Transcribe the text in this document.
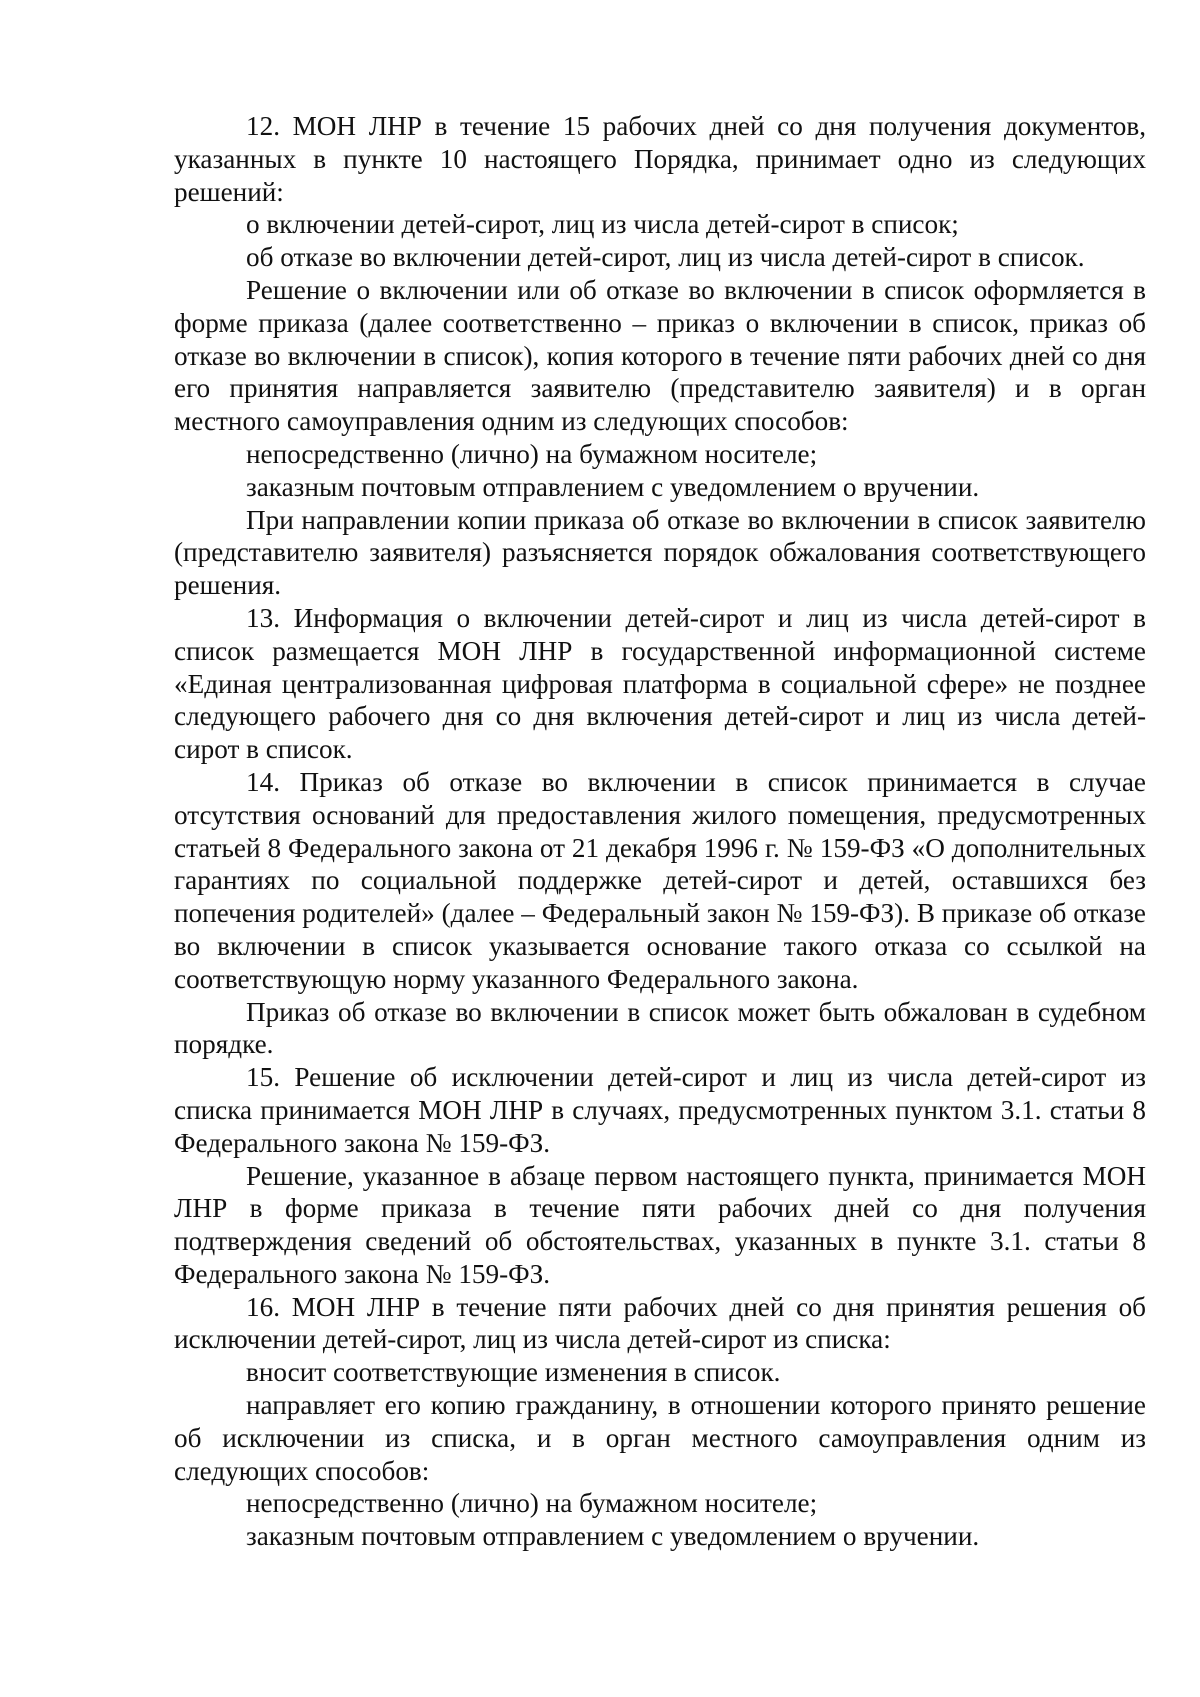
12. МОН ЛНР в течение 15 рабочих дней со дня получения документов, указанных в пункте 10 настоящего Порядка, принимает одно из следующих решений:

о включении детей-сирот, лиц из числа детей-сирот в список;

об отказе во включении детей-сирот, лиц из числа детей-сирот в список.

Решение о включении или об отказе во включении в список оформляется в форме приказа (далее соответственно – приказ о включении в список, приказ об отказе во включении в список), копия которого в течение пяти рабочих дней со дня его принятия направляется заявителю (представителю заявителя) и в орган местного самоуправления одним из следующих способов:

непосредственно (лично) на бумажном носителе;

заказным почтовым отправлением с уведомлением о вручении.

При направлении копии приказа об отказе во включении в список заявителю (представителю заявителя) разъясняется порядок обжалования соответствующего решения.

13. Информация о включении детей-сирот и лиц из числа детей-сирот в список размещается МОН ЛНР в государственной информационной системе «Единая централизованная цифровая платформа в социальной сфере» не позднее следующего рабочего дня со дня включения детей-сирот и лиц из числа детей-сирот в список.

14. Приказ об отказе во включении в список принимается в случае отсутствия оснований для предоставления жилого помещения, предусмотренных статьей 8 Федерального закона от 21 декабря 1996 г. № 159-ФЗ «О дополнительных гарантиях по социальной поддержке детей-сирот и детей, оставшихся без попечения родителей» (далее – Федеральный закон № 159-ФЗ). В приказе об отказе во включении в список указывается основание такого отказа со ссылкой на соответствующую норму указанного Федерального закона.

Приказ об отказе во включении в список может быть обжалован в судебном порядке.

15. Решение об исключении детей-сирот и лиц из числа детей-сирот из списка принимается МОН ЛНР в случаях, предусмотренных пунктом 3.1. статьи 8 Федерального закона № 159-ФЗ.

Решение, указанное в абзаце первом настоящего пункта, принимается МОН ЛНР в форме приказа в течение пяти рабочих дней со дня получения подтверждения сведений об обстоятельствах, указанных в пункте 3.1. статьи 8 Федерального закона № 159-ФЗ.

16. МОН ЛНР в течение пяти рабочих дней со дня принятия решения об исключении детей-сирот, лиц из числа детей-сирот из списка:

вносит соответствующие изменения в список.

направляет его копию гражданину, в отношении которого принято решение об исключении из списка, и в орган местного самоуправления одним из следующих способов:

непосредственно (лично) на бумажном носителе;

заказным почтовым отправлением с уведомлением о вручении.
